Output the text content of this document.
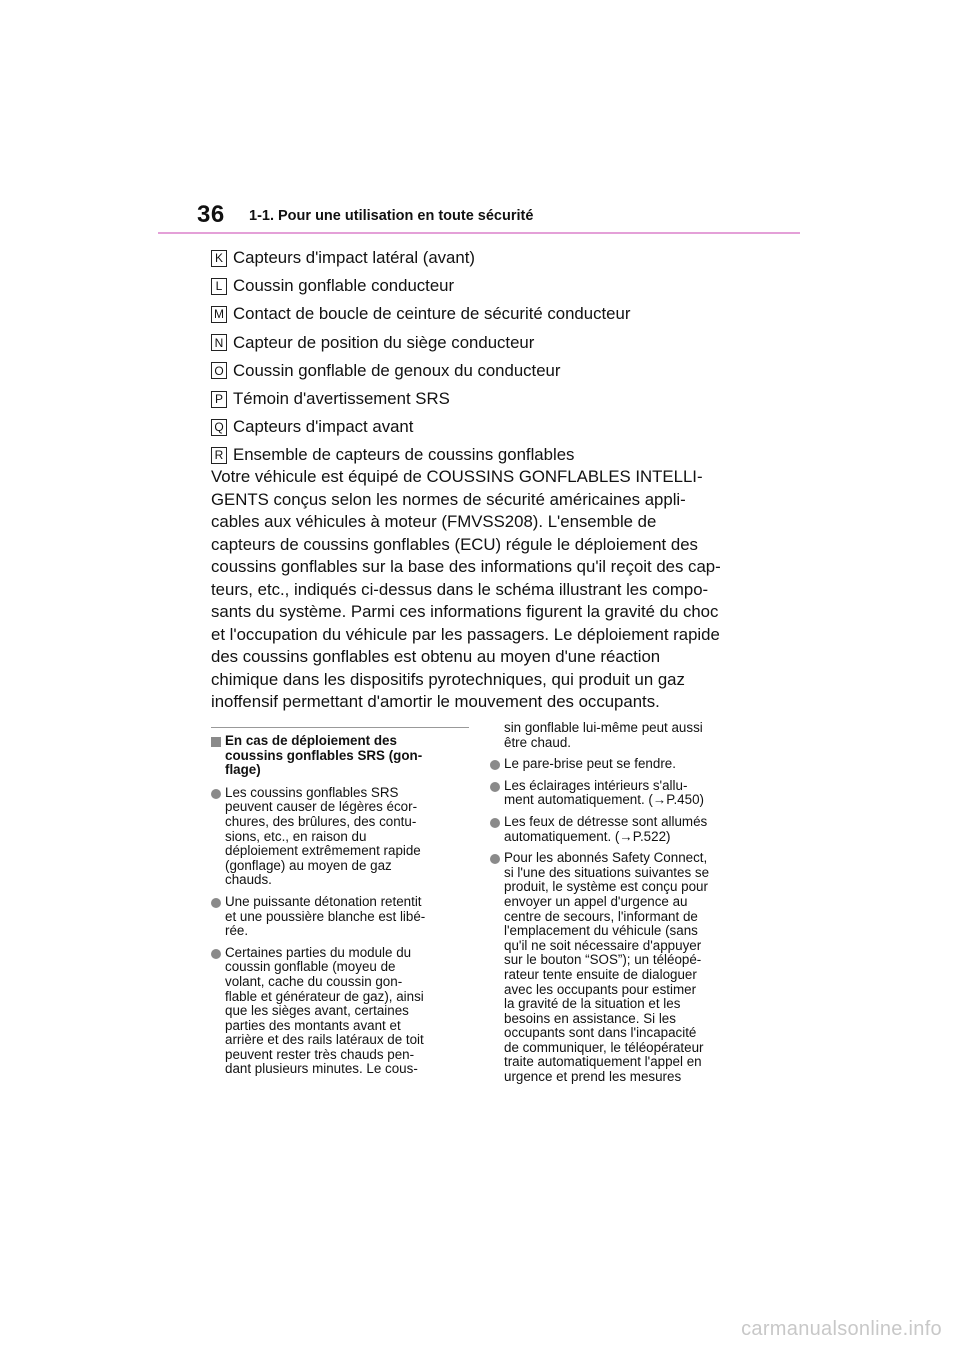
36 1-1. Pour une utilisation en toute sécurité
K Capteurs d'impact latéral (avant)
L Coussin gonflable conducteur
M Contact de boucle de ceinture de sécurité conducteur
N Capteur de position du siège conducteur
O Coussin gonflable de genoux du conducteur
P Témoin d'avertissement SRS
Q Capteurs d'impact avant
R Ensemble de capteurs de coussins gonflables

Votre véhicule est équipé de COUSSINS GONFLABLES INTELLI-
GENTS conçus selon les normes de sécurité américaines appli-
cables aux véhicules à moteur (FMVSS208). L'ensemble de
capteurs de coussins gonflables (ECU) régule le déploiement des
coussins gonflables sur la base des informations qu'il reçoit des cap-
teurs, etc., indiqués ci-dessus dans le schéma illustrant les compo-
sants du système. Parmi ces informations figurent la gravité du choc
et l'occupation du véhicule par les passagers. Le déploiement rapide
des coussins gonflables est obtenu au moyen d'une réaction
chimique dans les dispositifs pyrotechniques, qui produit un gaz
inoffensif permettant d'amortir le mouvement des occupants.

En cas de déploiement des
coussins gonflables SRS (gon-
flage)
Les coussins gonflables SRS
peuvent causer de légères écor-
chures, des brûlures, des contu-
sions, etc., en raison du
déploiement extrêmement rapide
(gonflage) au moyen de gaz
chauds.
Une puissante détonation retentit
et une poussière blanche est libé-
rée.
Certaines parties du module du
coussin gonflable (moyeu de
volant, cache du coussin gon-
flable et générateur de gaz), ainsi
que les sièges avant, certaines
parties des montants avant et
arrière et des rails latéraux de toit
peuvent rester très chauds pen-
dant plusieurs minutes. Le cous-
sin gonflable lui-même peut aussi
être chaud.
Le pare-brise peut se fendre.
Les éclairages intérieurs s'allu-
ment automatiquement. (→P.450)
Les feux de détresse sont allumés
automatiquement. (→P.522)
Pour les abonnés Safety Connect,
si l'une des situations suivantes se
produit, le système est conçu pour
envoyer un appel d'urgence au
centre de secours, l'informant de
l'emplacement du véhicule (sans
qu'il ne soit nécessaire d'appuyer
sur le bouton “SOS”); un téléopé-
rateur tente ensuite de dialoguer
avec les occupants pour estimer
la gravité de la situation et les
besoins en assistance. Si les
occupants sont dans l'incapacité
de communiquer, le téléopérateur
traite automatiquement l'appel en
urgence et prend les mesures
carmanualsonline.info
